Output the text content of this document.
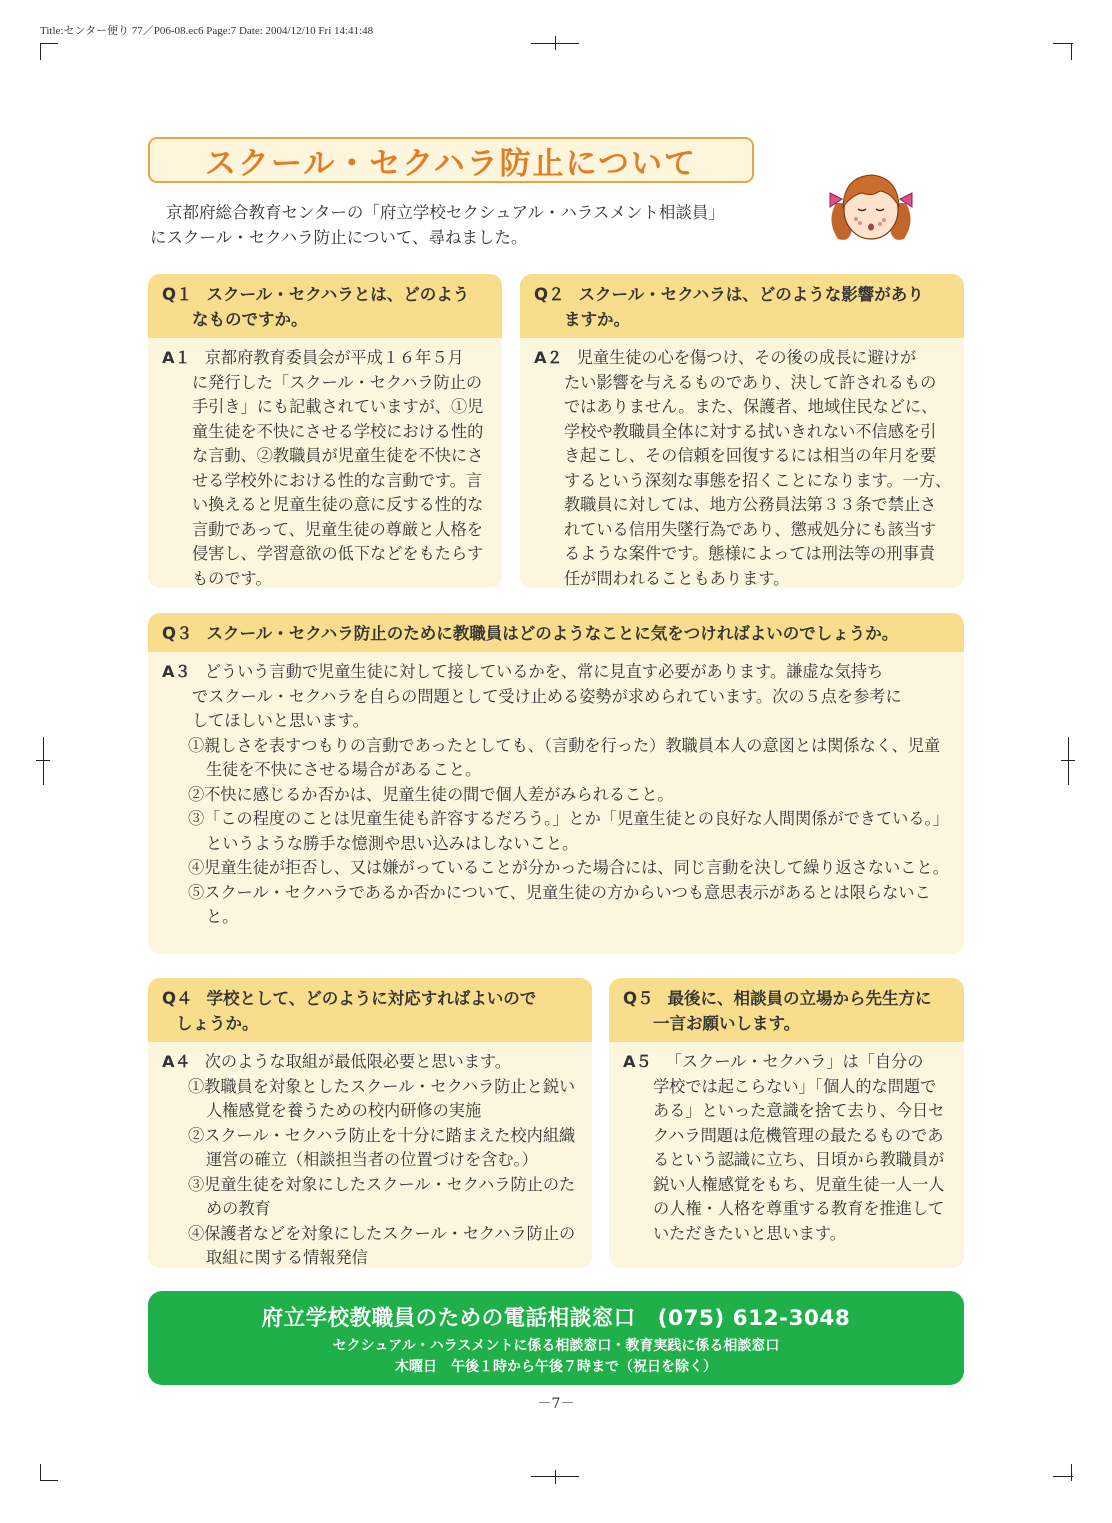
Title:センター便り 77／P06-08.ec6 Page:7 Date: 2004/12/10 Fri 14:41:48
スクール・セクハラ防止について

京都府総合教育センターの「府立学校セクシュアル・ハラスメント相談員」

にスクール・セクハラ防止について、尋ねました。

Q１ スクール・セクハラとは、どのよう
なものですか。

A１ 京都府教育委員会が平成１６年５月

に発行した「スクール・セクハラ防止の

手引き」にも記載されていますが、①児

童生徒を不快にさせる学校における性的

な言動、②教職員が児童生徒を不快にさ

せる学校外における性的な言動です。言

い換えると児童生徒の意に反する性的な

言動であって、児童生徒の尊厳と人格を

侵害し、学習意欲の低下などをもたらす

ものです。

Q２ スクール・セクハラは、どのような影響があり
ますか。

A２ 児童生徒の心を傷つけ、その後の成長に避けが

たい影響を与えるものであり、決して許されるもの

ではありません。また、保護者、地域住民などに、

学校や教職員全体に対する拭いきれない不信感を引

き起こし、その信頼を回復するには相当の年月を要

するという深刻な事態を招くことになります。一方、

教職員に対しては、地方公務員法第３３条で禁止さ

れている信用失墜行為であり、懲戒処分にも該当す

るような案件です。態様によっては刑法等の刑事責

任が問われることもあります。

Q３ スクール・セクハラ防止のために教職員はどのようなことに気をつければよいのでしょうか。

A３ どういう言動で児童生徒に対して接しているかを、常に見直す必要があります。謙虚な気持ち

でスクール・セクハラを自らの問題として受け止める姿勢が求められています。次の５点を参考に

してほしいと思います。

①親しさを表すつもりの言動であったとしても、（言動を行った）教職員本人の意図とは関係なく、児童生徒を不快にさせる場合があること。

②不快に感じるか否かは、児童生徒の間で個人差がみられること。

③「この程度のことは児童生徒も許容するだろう。」とか「児童生徒との良好な人間関係ができている。」というような勝手な憶測や思い込みはしないこと。

④児童生徒が拒否し、又は嫌がっていることが分かった場合には、同じ言動を決して繰り返さないこと。

⑤スクール・セクハラであるか否かについて、児童生徒の方からいつも意思表示があるとは限らないこと。

Q４ 学校として、どのように対応すればよいので
しょうか。

A４ 次のような取組が最低限必要と思います。

①教職員を対象としたスクール・セクハラ防止と鋭い人権感覚を養うための校内研修の実施

②スクール・セクハラ防止を十分に踏まえた校内組織運営の確立（相談担当者の位置づけを含む。）

③児童生徒を対象にしたスクール・セクハラ防止のための教育

④保護者などを対象にしたスクール・セクハラ防止の取組に関する情報発信

Q５ 最後に、相談員の立場から先生方に
一言お願いします。

A５ 「スクール・セクハラ」は「自分の

学校では起こらない」「個人的な問題で

ある」といった意識を捨て去り、今日セ

クハラ問題は危機管理の最たるものであ

るという認識に立ち、日頃から教職員が

鋭い人権感覚をもち、児童生徒一人一人

の人権・人格を尊重する教育を推進して

いただきたいと思います。

府立学校教職員のための電話相談窓口　(075) 612-3048
セクシュアル・ハラスメントに係る相談窓口・教育実践に係る相談窓口
木曜日　午後１時から午後７時まで（祝日を除く）
－7－
